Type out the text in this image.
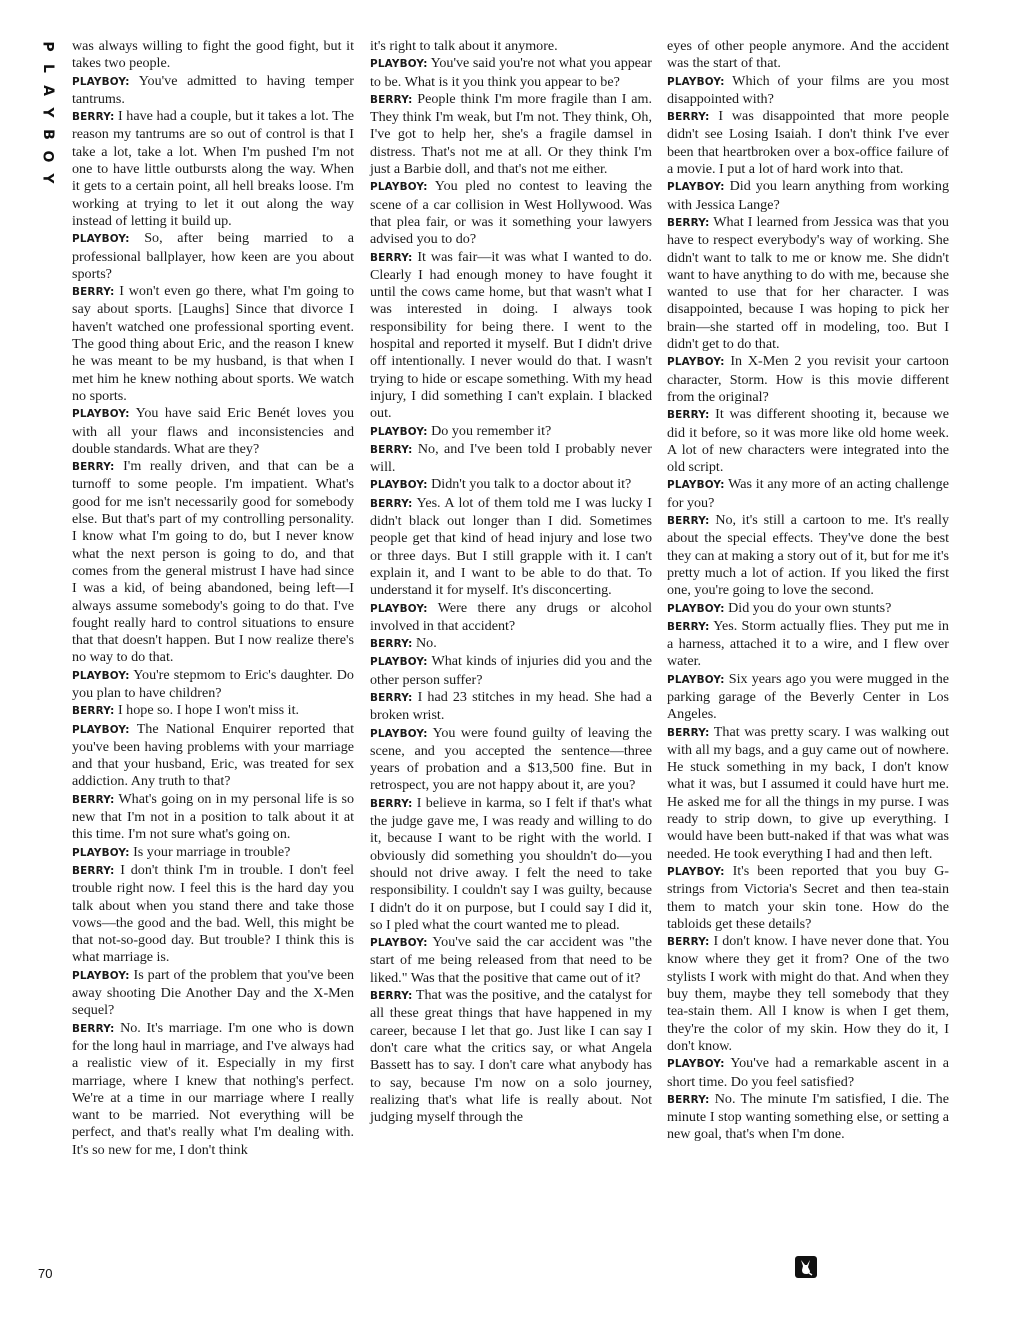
P
L
A
Y
B
O
Y
70

was always willing to fight the good fight, but it takes two people.

PLAYBOY: You've admitted to having temper tantrums.

BERRY: I have had a couple, but it takes a lot. The reason my tantrums are so out of control is that I take a lot, take a lot. When I'm pushed I'm not one to have little outbursts along the way. When it gets to a certain point, all hell breaks loose. I'm working at trying to let it out along the way instead of letting it build up.

PLAYBOY: So, after being married to a professional ballplayer, how keen are you about sports?

BERRY: I won't even go there, what I'm going to say about sports. [Laughs] Since that divorce I haven't watched one professional sporting event. The good thing about Eric, and the reason I knew he was meant to be my husband, is that when I met him he knew nothing about sports. We watch no sports.

PLAYBOY: You have said Eric Benét loves you with all your flaws and inconsistencies and double standards. What are they?

BERRY: I'm really driven, and that can be a turnoff to some people. I'm impatient. What's good for me isn't necessarily good for somebody else. But that's part of my controlling personality. I know what I'm going to do, but I never know what the next person is going to do, and that comes from the general mistrust I have had since I was a kid, of being abandoned, being left—I always assume somebody's going to do that. I've fought really hard to control situations to ensure that that doesn't happen. But I now realize there's no way to do that.

PLAYBOY: You're stepmom to Eric's daughter. Do you plan to have children?

BERRY: I hope so. I hope I won't miss it.

PLAYBOY: The National Enquirer reported that you've been having problems with your marriage and that your husband, Eric, was treated for sex addiction. Any truth to that?

BERRY: What's going on in my personal life is so new that I'm not in a position to talk about it at this time. I'm not sure what's going on.

PLAYBOY: Is your marriage in trouble?

BERRY: I don't think I'm in trouble. I don't feel trouble right now. I feel this is the hard day you talk about when you stand there and take those vows—the good and the bad. Well, this might be that not-so-good day. But trouble? I think this is what marriage is.

PLAYBOY: Is part of the problem that you've been away shooting Die Another Day and the X-Men sequel?

BERRY: No. It's marriage. I'm one who is down for the long haul in marriage, and I've always had a realistic view of it. Especially in my first marriage, where I knew that nothing's perfect. We're at a time in our marriage where I really want to be married. Not everything will be perfect, and that's really what I'm dealing with. It's so new for me, I don't think

it's right to talk about it anymore.

PLAYBOY: You've said you're not what you appear to be. What is it you think you appear to be?

BERRY: People think I'm more fragile than I am. They think I'm weak, but I'm not. They think, Oh, I've got to help her, she's a fragile damsel in distress. That's not me at all. Or they think I'm just a Barbie doll, and that's not me either.

PLAYBOY: You pled no contest to leaving the scene of a car collision in West Hollywood. Was that plea fair, or was it something your lawyers advised you to do?

BERRY: It was fair—it was what I wanted to do. Clearly I had enough money to have fought it until the cows came home, but that wasn't what I was interested in doing. I always took responsibility for being there. I went to the hospital and reported it myself. But I didn't drive off intentionally. I never would do that. I wasn't trying to hide or escape something. With my head injury, I did something I can't explain. I blacked out.

PLAYBOY: Do you remember it?

BERRY: No, and I've been told I probably never will.

PLAYBOY: Didn't you talk to a doctor about it?

BERRY: Yes. A lot of them told me I was lucky I didn't black out longer than I did. Sometimes people get that kind of head injury and lose two or three days. But I still grapple with it. I can't explain it, and I want to be able to do that. To understand it for myself. It's disconcerting.

PLAYBOY: Were there any drugs or alcohol involved in that accident?

BERRY: No.

PLAYBOY: What kinds of injuries did you and the other person suffer?

BERRY: I had 23 stitches in my head. She had a broken wrist.

PLAYBOY: You were found guilty of leaving the scene, and you accepted the sentence—three years of probation and a $13,500 fine. But in retrospect, you are not happy about it, are you?

BERRY: I believe in karma, so I felt if that's what the judge gave me, I was ready and willing to do it, because I want to be right with the world. I obviously did something you shouldn't do—you should not drive away. I felt the need to take responsibility. I couldn't say I was guilty, because I didn't do it on purpose, but I could say I did it, so I pled what the court wanted me to plead.

PLAYBOY: You've said the car accident was "the start of me being released from that need to be liked." Was that the positive that came out of it?

BERRY: That was the positive, and the catalyst for all these great things that have happened in my career, because I let that go. Just like I can say I don't care what the critics say, or what Angela Bassett has to say. I don't care what anybody has to say, because I'm now on a solo journey, realizing that's what life is really about. Not judging myself through the

eyes of other people anymore. And the accident was the start of that.

PLAYBOY: Which of your films are you most disappointed with?

BERRY: I was disappointed that more people didn't see Losing Isaiah. I don't think I've ever been that heartbroken over a box-office failure of a movie. I put a lot of hard work into that.

PLAYBOY: Did you learn anything from working with Jessica Lange?

BERRY: What I learned from Jessica was that you have to respect everybody's way of working. She didn't want to talk to me or know me. She didn't want to have anything to do with me, because she wanted to use that for her character. I was disappointed, because I was hoping to pick her brain—she started off in modeling, too. But I didn't get to do that.

PLAYBOY: In X-Men 2 you revisit your cartoon character, Storm. How is this movie different from the original?

BERRY: It was different shooting it, because we did it before, so it was more like old home week. A lot of new characters were integrated into the old script.

PLAYBOY: Was it any more of an acting challenge for you?

BERRY: No, it's still a cartoon to me. It's really about the special effects. They've done the best they can at making a story out of it, but for me it's pretty much a lot of action. If you liked the first one, you're going to love the second.

PLAYBOY: Did you do your own stunts?

BERRY: Yes. Storm actually flies. They put me in a harness, attached it to a wire, and I flew over water.

PLAYBOY: Six years ago you were mugged in the parking garage of the Beverly Center in Los Angeles.

BERRY: That was pretty scary. I was walking out with all my bags, and a guy came out of nowhere. He stuck something in my back, I don't know what it was, but I assumed it could have hurt me. He asked me for all the things in my purse. I was ready to strip down, to give up everything. I would have been butt-naked if that was what was needed. He took everything I had and then left.

PLAYBOY: It's been reported that you buy G-strings from Victoria's Secret and then tea-stain them to match your skin tone. How do the tabloids get these details?

BERRY: I don't know. I have never done that. You know where they get it from? One of the two stylists I work with might do that. And when they buy them, maybe they tell somebody that they tea-stain them. All I know is when I get them, they're the color of my skin. How they do it, I don't know.

PLAYBOY: You've had a remarkable ascent in a short time. Do you feel satisfied?

BERRY: No. The minute I'm satisfied, I die. The minute I stop wanting something else, or setting a new goal, that's when I'm done.
